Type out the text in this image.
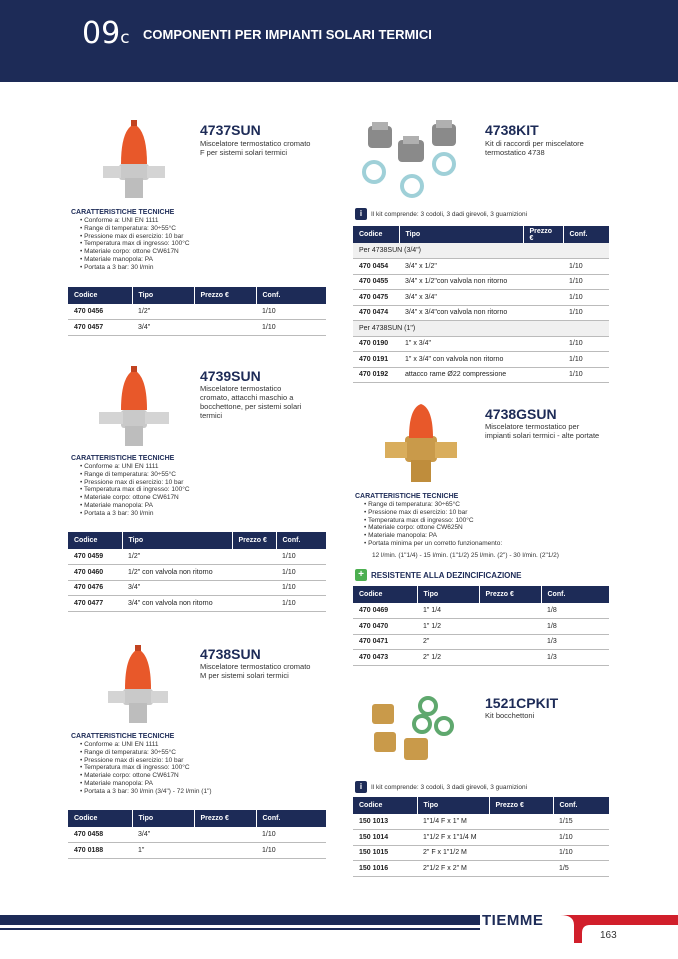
09c COMPONENTI PER IMPIANTI SOLARI TERMICI
4737SUN
Miscelatore termostatico cromato F per sistemi solari termici
CARATTERISTICHE TECNICHE
• Conforme a: UNI EN 1111
• Range di temperatura: 30÷55°C
• Pressione max di esercizio: 10 bar
• Temperatura max di ingresso: 100°C
• Materiale corpo: ottone CW617N
• Materiale manopola: PA
• Portata a 3 bar: 30 l/min
Codice	Tipo	Prezzo €	Conf.
470 0456	1/2"		1/10
470 0457	3/4"		1/10
4739SUN
Miscelatore termostatico cromato, attacchi maschio a bocchettone, per sistemi solari termici
CARATTERISTICHE TECNICHE
• Conforme a: UNI EN 1111
• Range di temperatura: 30÷55°C
• Pressione max di esercizio: 10 bar
• Temperatura max di ingresso: 100°C
• Materiale corpo: ottone CW617N
• Materiale manopola: PA
• Portata a 3 bar: 30 l/min
Codice	Tipo	Prezzo €	Conf.
470 0459	1/2"		1/10
470 0460	1/2" con valvola non ritorno		1/10
470 0476	3/4"		1/10
470 0477	3/4" con valvola non ritorno		1/10
4738SUN
Miscelatore termostatico cromato M per sistemi solari termici
CARATTERISTICHE TECNICHE
• Conforme a: UNI EN 1111
• Range di temperatura: 30÷55°C
• Pressione max di esercizio: 10 bar
• Temperatura max di ingresso: 100°C
• Materiale corpo: ottone CW617N
• Materiale manopola: PA
• Portata a 3 bar: 30 l/min (3/4") - 72 l/min (1")
Codice	Tipo	Prezzo €	Conf.
470 0458	3/4"		1/10
470 0188	1"		1/10
4738KIT
Kit di raccordi per miscelatore termostatico 4738
i	Il kit comprende: 3 codoli, 3 dadi girevoli, 3 guarnizioni
Codice	Tipo	Prezzo €	Conf.
Per 4738SUN (3/4")			
470 0454	3/4" x 1/2"		1/10
470 0455	3/4" x 1/2"con valvola non ritorno		1/10
470 0475	3/4" x 3/4"		1/10
470 0474	3/4" x 3/4"con valvola non ritorno		1/10
Per 4738SUN (1")			
470 0190	1" x 3/4"		1/10
470 0191	1" x 3/4" con valvola non ritorno		1/10
470 0192	attacco rame Ø22 compressione		1/10
4738GSUN
Miscelatore termostatico per impianti solari termici - alte portate
CARATTERISTICHE TECNICHE
• Range di temperatura: 30÷65°C
• Pressione max di esercizio: 10 bar
• Temperatura max di ingresso: 100°C
• Materiale corpo: ottone CW625N
• Materiale manopola: PA
• Portata minima per un corretto funzionamento:
12 l/min. (1"1/4) - 15 l/min. (1"1/2) 25 l/min. (2") - 30 l/min. (2"1/2)
+ RESISTENTE ALLA DEZINCIFICAZIONE
Codice	Tipo	Prezzo €	Conf.
470 0469	1" 1/4		1/8
470 0470	1" 1/2		1/8
470 0471	2"		1/3
470 0473	2" 1/2		1/3
1521CPKIT
Kit bocchettoni
i	Il kit comprende: 3 codoli, 3 dadi girevoli, 3 guarnizioni
Codice	Tipo	Prezzo €	Conf.
150 1013	1"1/4 F x 1" M		1/15
150 1014	1"1/2 F x 1"1/4 M		1/10
150 1015	2" F x 1"1/2 M		1/10
150 1016	2"1/2 F x 2" M		1/5
TIEMME
163
